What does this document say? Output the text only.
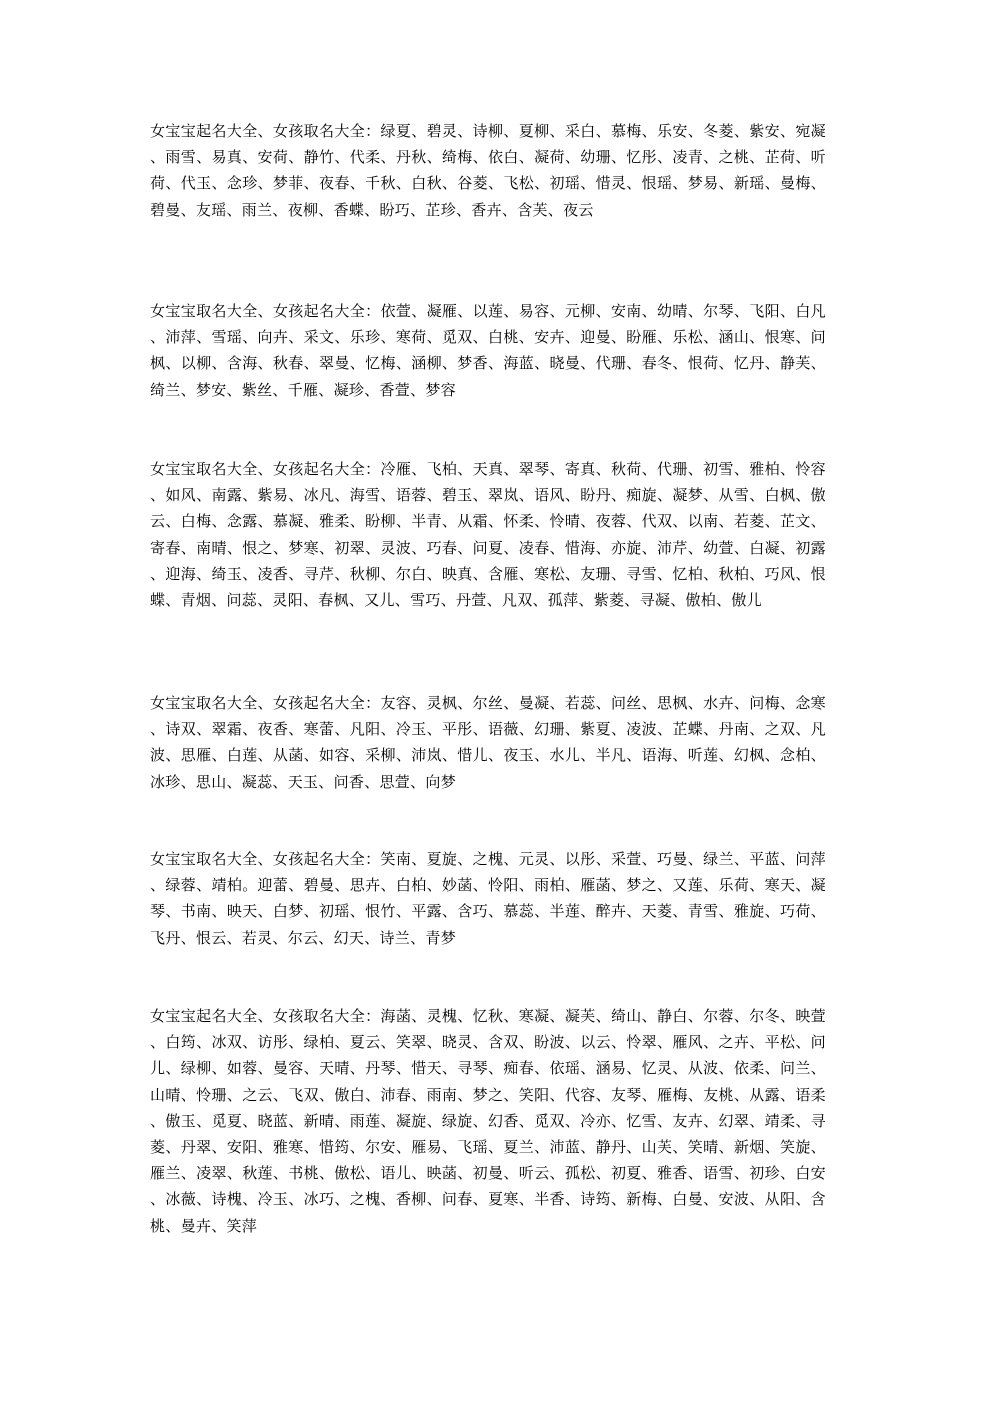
女宝宝起名大全、女孩取名大全：绿夏、碧灵、诗柳、夏柳、采白、慕梅、乐安、冬菱、紫安、宛凝、雨雪、易真、安荷、静竹、代柔、丹秋、绮梅、依白、凝荷、幼珊、忆彤、凌青、之桃、芷荷、听荷、代玉、念珍、梦菲、夜春、千秋、白秋、谷菱、飞松、初瑶、惜灵、恨瑶、梦易、新瑶、曼梅、碧曼、友瑶、雨兰、夜柳、香蝶、盼巧、芷珍、香卉、含芙、夜云

女宝宝取名大全、女孩起名大全：依萱、凝雁、以莲、易容、元柳、安南、幼晴、尔琴、飞阳、白凡、沛萍、雪瑶、向卉、采文、乐珍、寒荷、觅双、白桃、安卉、迎曼、盼雁、乐松、涵山、恨寒、问枫、以柳、含海、秋春、翠曼、忆梅、涵柳、梦香、海蓝、晓曼、代珊、春冬、恨荷、忆丹、静芙、绮兰、梦安、紫丝、千雁、凝珍、香萱、梦容

女宝宝取名大全、女孩起名大全：冷雁、飞柏、天真、翠琴、寄真、秋荷、代珊、初雪、雅柏、怜容、如风、南露、紫易、冰凡、海雪、语蓉、碧玉、翠岚、语风、盼丹、痴旋、凝梦、从雪、白枫、傲云、白梅、念露、慕凝、雅柔、盼柳、半青、从霜、怀柔、怜晴、夜蓉、代双、以南、若菱、芷文、寄春、南晴、恨之、梦寒、初翠、灵波、巧春、问夏、凌春、惜海、亦旋、沛芹、幼萱、白凝、初露、迎海、绮玉、凌香、寻芹、秋柳、尔白、映真、含雁、寒松、友珊、寻雪、忆柏、秋柏、巧风、恨蝶、青烟、问蕊、灵阳、春枫、又儿、雪巧、丹萱、凡双、孤萍、紫菱、寻凝、傲柏、傲儿

女宝宝取名大全、女孩起名大全：友容、灵枫、尔丝、曼凝、若蕊、问丝、思枫、水卉、问梅、念寒、诗双、翠霜、夜香、寒蕾、凡阳、冷玉、平彤、语薇、幻珊、紫夏、凌波、芷蝶、丹南、之双、凡波、思雁、白莲、从菡、如容、采柳、沛岚、惜儿、夜玉、水儿、半凡、语海、听莲、幻枫、念柏、冰珍、思山、凝蕊、天玉、问香、思萱、向梦

女宝宝取名大全、女孩起名大全：笑南、夏旋、之槐、元灵、以彤、采萱、巧曼、绿兰、平蓝、问萍、绿蓉、靖柏。迎蕾、碧曼、思卉、白柏、妙菡、怜阳、雨柏、雁菡、梦之、又莲、乐荷、寒天、凝琴、书南、映天、白梦、初瑶、恨竹、平露、含巧、慕蕊、半莲、醉卉、天菱、青雪、雅旋、巧荷、飞丹、恨云、若灵、尔云、幻天、诗兰、青梦

女宝宝起名大全、女孩取名大全：海菡、灵槐、忆秋、寒凝、凝芙、绮山、静白、尔蓉、尔冬、映萱、白筠、冰双、访彤、绿柏、夏云、笑翠、晓灵、含双、盼波、以云、怜翠、雁风、之卉、平松、问儿、绿柳、如蓉、曼容、天晴、丹琴、惜天、寻琴、痴春、依瑶、涵易、忆灵、从波、依柔、问兰、山晴、怜珊、之云、飞双、傲白、沛春、雨南、梦之、笑阳、代容、友琴、雁梅、友桃、从露、语柔、傲玉、觅夏、晓蓝、新晴、雨莲、凝旋、绿旋、幻香、觅双、冷亦、忆雪、友卉、幻翠、靖柔、寻菱、丹翠、安阳、雅寒、惜筠、尔安、雁易、飞瑶、夏兰、沛蓝、静丹、山芙、笑晴、新烟、笑旋、雁兰、凌翠、秋莲、书桃、傲松、语儿、映菡、初曼、听云、孤松、初夏、雅香、语雪、初珍、白安、冰薇、诗槐、冷玉、冰巧、之槐、香柳、问春、夏寒、半香、诗筠、新梅、白曼、安波、从阳、含桃、曼卉、笑萍
